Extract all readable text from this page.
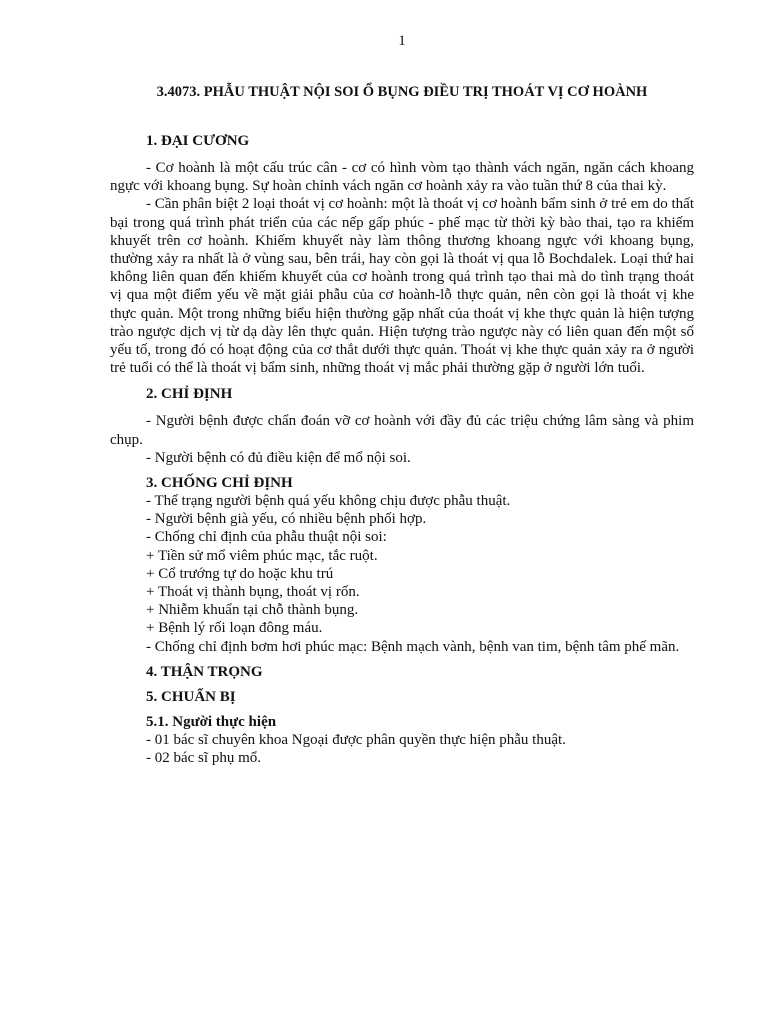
1

3.4073. PHẪU THUẬT NỘI SOI Ổ BỤNG ĐIỀU TRỊ THOÁT VỊ CƠ HOÀNH

1. ĐẠI CƯƠNG

- Cơ hoành là một cấu trúc cân - cơ có hình vòm tạo thành vách ngăn, ngăn cách khoang ngực với khoang bụng. Sự hoàn chỉnh vách ngăn cơ hoành xảy ra vào tuần thứ 8 của thai kỳ.

- Cần phân biệt 2 loại thoát vị cơ hoành: một là thoát vị cơ hoành bẩm sinh ở trẻ em do thất bại trong quá trình phát triển của các nếp gấp phúc - phế mạc từ thời kỳ bào thai, tạo ra khiếm khuyết trên cơ hoành. Khiếm khuyết này làm thông thương khoang ngực với khoang bụng, thường xảy ra nhất là ở vùng sau, bên trái, hay còn gọi là thoát vị qua lỗ Bochdalek. Loại thứ hai không liên quan đến khiếm khuyết của cơ hoành trong quá trình tạo thai mà do tình trạng thoát vị qua một điểm yếu về mặt giải phẫu của cơ hoành-lỗ thực quản, nên còn gọi là thoát vị khe thực quản. Một trong những biểu hiện thường gặp nhất của thoát vị khe thực quản là hiện tượng trào ngược dịch vị từ dạ dày lên thực quản. Hiện tượng trào ngược này có liên quan đến một số yếu tố, trong đó có hoạt động của cơ thắt dưới thực quản. Thoát vị khe thực quản xảy ra ở người trẻ tuổi có thể là thoát vị bẩm sinh, những thoát vị mắc phải thường gặp ở người lớn tuổi.

2. CHỈ ĐỊNH

- Người bệnh được chẩn đoán vỡ cơ hoành với đầy đủ các triệu chứng lâm sàng và phim chụp.

- Người bệnh có đủ điều kiện để mổ nội soi.

3. CHỐNG CHỈ ĐỊNH

- Thể trạng người bệnh quá yếu không chịu được phẫu thuật.

- Người bệnh già yếu, có nhiều bệnh phối hợp.

- Chống chỉ định của phẫu thuật nội soi:

+ Tiền sử mổ viêm phúc mạc, tắc ruột.

+ Cổ trướng tự do hoặc khu trú

+ Thoát vị thành bụng, thoát vị rốn.

+ Nhiễm khuẩn tại chỗ thành bụng.

+ Bệnh lý rối loạn đông máu.

- Chống chỉ định bơm hơi phúc mạc: Bệnh mạch vành, bệnh van tim, bệnh tâm phế mãn.

4. THẬN TRỌNG

5. CHUẨN BỊ

5.1. Người thực hiện

- 01 bác sĩ chuyên khoa Ngoại được phân quyền thực hiện phẫu thuật.

- 02 bác sĩ phụ mổ.
